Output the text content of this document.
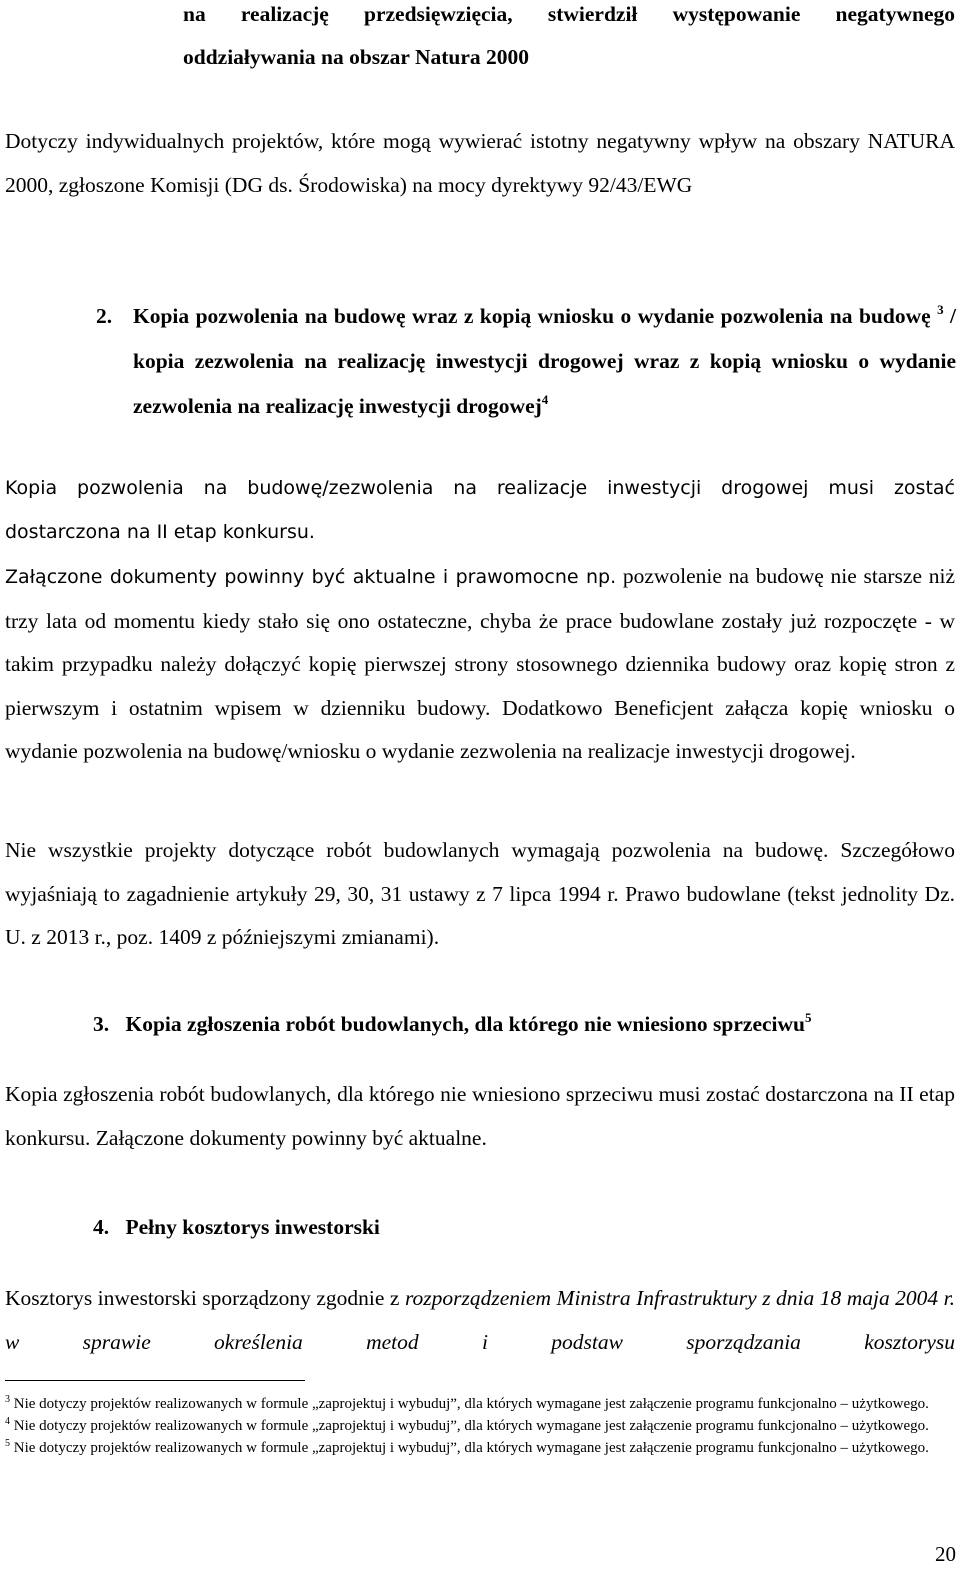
na realizację przedsięwzięcia, stwierdził występowanie negatywnego
oddziaływania na obszar Natura 2000

Dotyczy indywidualnych projektów, które mogą wywierać istotny negatywny wpływ na obszary NATURA 2000, zgłoszone Komisji (DG ds. Środowiska) na mocy dyrektywy 92/43/EWG

2. Kopia pozwolenia na budowę wraz z kopią wniosku o wydanie pozwolenia na budowę $^3$ / kopia zezwolenia na realizację inwestycji drogowej wraz z kopią wniosku o wydanie zezwolenia na realizację inwestycji drogowej$^4$
Kopia pozwolenia na budowę/zezwolenia na realizacje inwestycji drogowej musi zostać
dostarczona na II etap konkursu.

Załączone dokumenty powinny być aktualne i prawomocne np. pozwolenie na budowę nie starsze niż trzy lata od momentu kiedy stało się ono ostateczne, chyba że prace budowlane zostały już rozpoczęte - w takim przypadku należy dołączyć kopię pierwszej strony stosownego dziennika budowy oraz kopię stron z pierwszym i ostatnim wpisem w dzienniku budowy. Dodatkowo Beneficjent załącza kopię wniosku o wydanie pozwolenia na budowę/wniosku o wydanie zezwolenia na realizacje inwestycji drogowej.

Nie wszystkie projekty dotyczące robót budowlanych wymagają pozwolenia na budowę. Szczegółowo wyjaśniają to zagadnienie artykuły 29, 30, 31 ustawy z 7 lipca 1994 r. Prawo budowlane (tekst jednolity Dz. U. z 2013 r., poz. 1409 z późniejszymi zmianami).

3. Kopia zgłoszenia robót budowlanych, dla którego nie wniesiono sprzeciwu$^5$

Kopia zgłoszenia robót budowlanych, dla którego nie wniesiono sprzeciwu musi zostać dostarczona na II etap konkursu. Załączone dokumenty powinny być aktualne.

4. Pełny kosztorys inwestorski

Kosztorys inwestorski sporządzony zgodnie z rozporządzeniem Ministra Infrastruktury z dnia 18 maja 2004 r. w sprawie określenia metod i podstaw sporządzania kosztorysu

$^3$ Nie dotyczy projektów realizowanych w formule „zaprojektuj i wybuduj”, dla których wymagane jest załączenie programu funkcjonalno – użytkowego.
$^4$ Nie dotyczy projektów realizowanych w formule „zaprojektuj i wybuduj”, dla których wymagane jest załączenie programu funkcjonalno – użytkowego.
$^5$ Nie dotyczy projektów realizowanych w formule „zaprojektuj i wybuduj”, dla których wymagane jest załączenie programu funkcjonalno – użytkowego.
20
